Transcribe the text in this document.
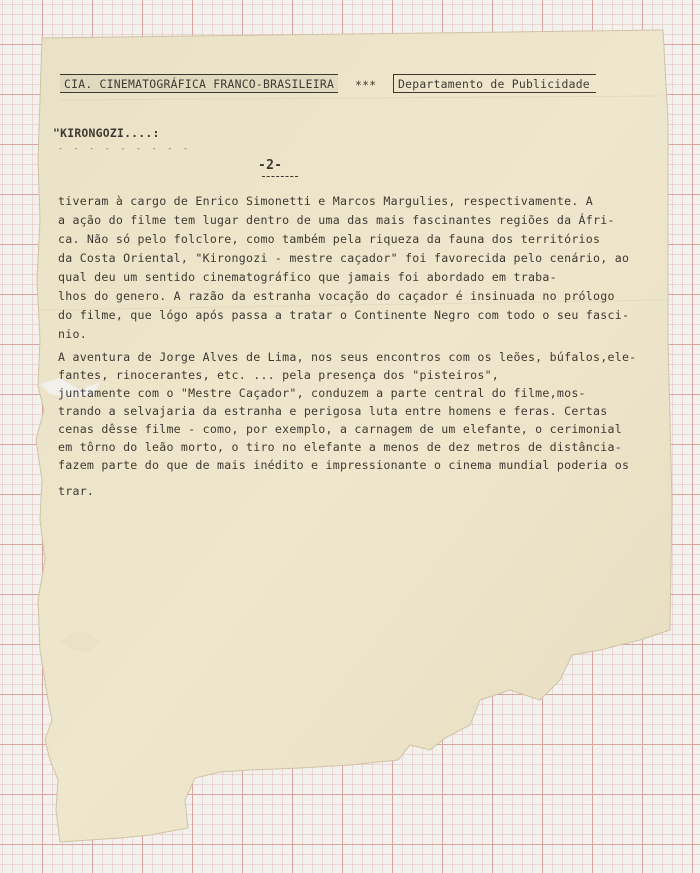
CIA. CINEMATOGRÁFICA FRANCO-BRASILEIRA	***	Departamento de Publicidade
"KIRONGOZI....:
- - - - - - - - -
-2-
tiveram à cargo de Enrico Simonetti e Marcos Margulies, respectivamente. A
a ação do filme tem lugar dentro de uma das mais fascinantes regiões da Áfri-
ca. Não só pelo folclore, como também pela riqueza da fauna dos territórios
da Costa Oriental, "Kirongozi - mestre caçador" foi favorecida pelo cenário, ao
qual deu um sentido cinematográfico que jamais foi abordado em traba-
lhos do genero. A razão da estranha vocação do caçador é insinuada no prólogo
do filme, que lógo após passa a tratar o Continente Negro com todo o seu fasci-
nio.
A aventura de Jorge Alves de Lima, nos seus encontros com os leões, búfalos,ele-
fantes, rinocerantes, etc. ... pela presença dos "pisteiros",
juntamente com o "Mestre Caçador", conduzem a parte central do filme,mos-
trando a selvajaria da estranha e perigosa luta entre homens e feras. Certas
cenas dêsse filme - como, por exemplo, a carnagem de um elefante, o cerimonial
em tôrno do leão morto, o tiro no elefante a menos de dez metros de distância-
fazem parte do que de mais inédito e impressionante o cinema mundial poderia os
trar.
